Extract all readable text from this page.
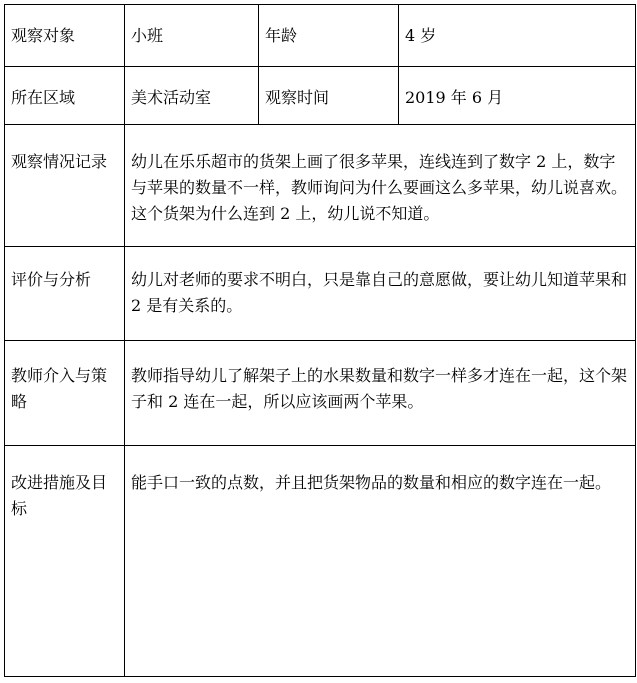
观察对象	小班	年龄	4 岁

所在区域	美术活动室	观察时间	2019 年 6 月

观察情况记录	幼儿在乐乐超市的货架上画了很多苹果，连线连到了数字 2 上，数字与苹果的数量不一样，教师询问为什么要画这么多苹果，幼儿说喜欢。这个货架为什么连到 2 上，幼儿说不知道。		

评价与分析	幼儿对老师的要求不明白，只是靠自己的意愿做，要让幼儿知道苹果和 2 是有关系的。		

教师介入与策略	教师指导幼儿了解架子上的水果数量和数字一样多才连在一起，这个架子和 2 连在一起，所以应该画两个苹果。		

改进措施及目标	能手口一致的点数，并且把货架物品的数量和相应的数字连在一起。		
